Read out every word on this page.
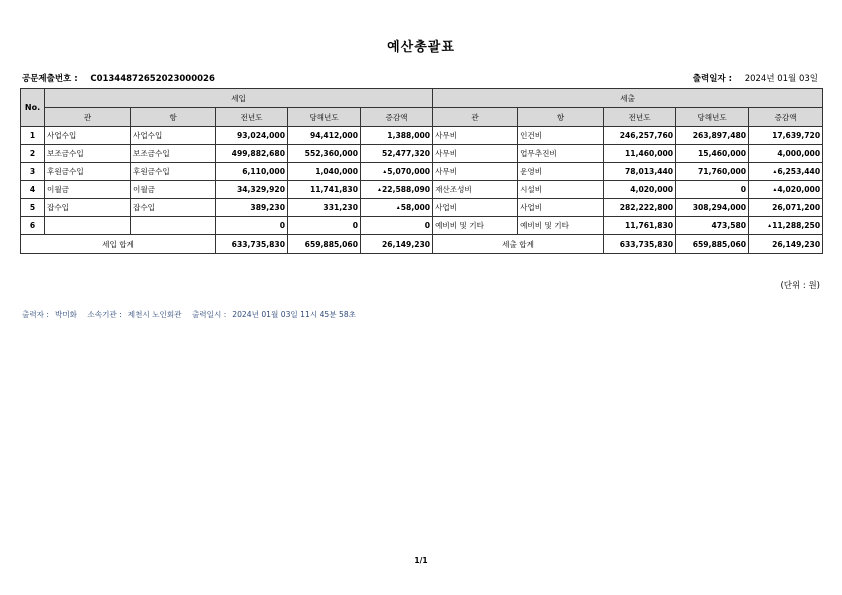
예산총괄표
공문제출번호 : C01344872652023000026	출력일자 : 2024년 01월 03일
No.	세입					세출				
	관	항	전년도	당해년도	증감액	관	항	전년도	당해년도	증감액
1	사업수입	사업수입	93,024,000	94,412,000	1,388,000	사무비	인건비	246,257,760	263,897,480	17,639,720
2	보조금수입	보조금수입	499,882,680	552,360,000	52,477,320	사무비	업무추진비	11,460,000	15,460,000	4,000,000
3	후원금수입	후원금수입	6,110,000	1,040,000	▴ 5,070,000	사무비	운영비	78,013,440	71,760,000	▴ 6,253,440
4	이월금	이월금	34,329,920	11,741,830	▴ 22,588,090	재산조성비	시설비	4,020,000	0	▴ 4,020,000
5	잡수입	잡수입	389,230	331,230	▴ 58,000	사업비	사업비	282,222,800	308,294,000	26,071,200
6			0	0	0	예비비 및 기타	예비비 및 기타	11,761,830	473,580	▴ 11,288,250
세입 합계			633,735,830	659,885,060	26,149,230	세출 합계		633,735,830	659,885,060	26,149,230
(단위 : 원)
출력자 : 박미화 소속기관 : 제천시 노인회관 출력일시 : 2024년 01월 03일 11시 45분 58초
1/1
